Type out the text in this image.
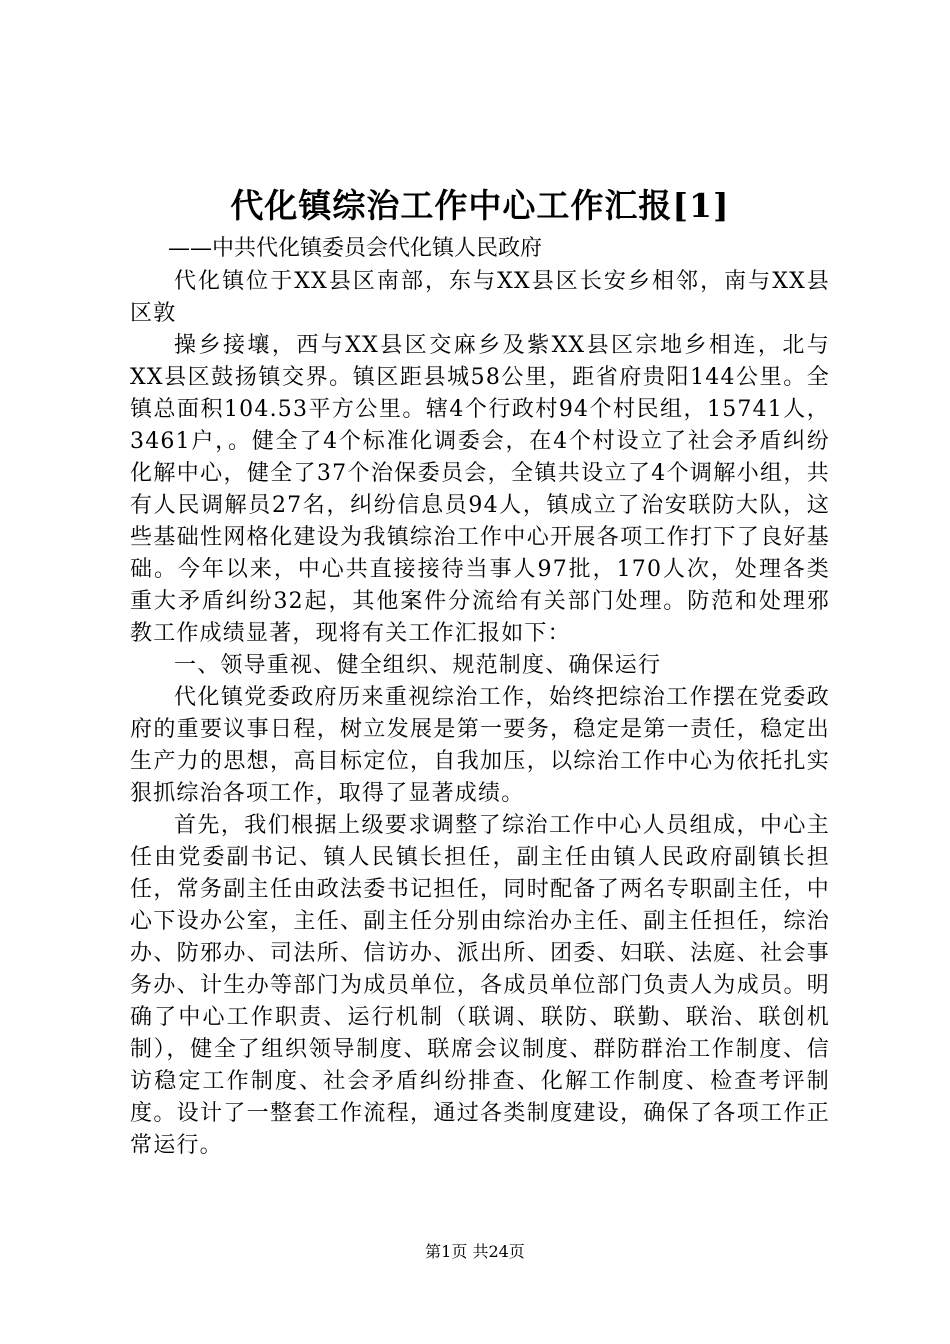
代化镇综治工作中心工作汇报[1]
——中共代化镇委员会代化镇人民政府

代化镇位于XX县区南部，东与XX县区长安乡相邻，南与XX县区敦

操乡接壤，西与XX县区交麻乡及紫XX县区宗地乡相连，北与XX县区鼓扬镇交界。镇区距县城58公里，距省府贵阳144公里。全镇总面积104.53平方公里。辖4个行政村94个村民组，15741人，3461户，。健全了4个标准化调委会，在4个村设立了社会矛盾纠纷化解中心，健全了37个治保委员会，全镇共设立了4个调解小组，共有人民调解员27名，纠纷信息员94人，镇成立了治安联防大队，这些基础性网格化建设为我镇综治工作中心开展各项工作打下了良好基础。今年以来，中心共直接接待当事人97批，170人次，处理各类重大矛盾纠纷32起，其他案件分流给有关部门处理。防范和处理邪教工作成绩显著，现将有关工作汇报如下：

一、领导重视、健全组织、规范制度、确保运行

代化镇党委政府历来重视综治工作，始终把综治工作摆在党委政府的重要议事日程，树立发展是第一要务，稳定是第一责任，稳定出生产力的思想，高目标定位，自我加压，以综治工作中心为依托扎实狠抓综治各项工作，取得了显著成绩。

首先，我们根据上级要求调整了综治工作中心人员组成，中心主任由党委副书记、镇人民镇长担任，副主任由镇人民政府副镇长担任，常务副主任由政法委书记担任，同时配备了两名专职副主任，中心下设办公室，主任、副主任分别由综治办主任、副主任担任，综治办、防邪办、司法所、信访办、派出所、团委、妇联、法庭、社会事务办、计生办等部门为成员单位，各成员单位部门负责人为成员。明确了中心工作职责、运行机制（联调、联防、联勤、联治、联创机制），健全了组织领导制度、联席会议制度、群防群治工作制度、信访稳定工作制度、社会矛盾纠纷排查、化解工作制度、检查考评制度。设计了一整套工作流程，通过各类制度建设，确保了各项工作正常运行。

第1页 共24页
